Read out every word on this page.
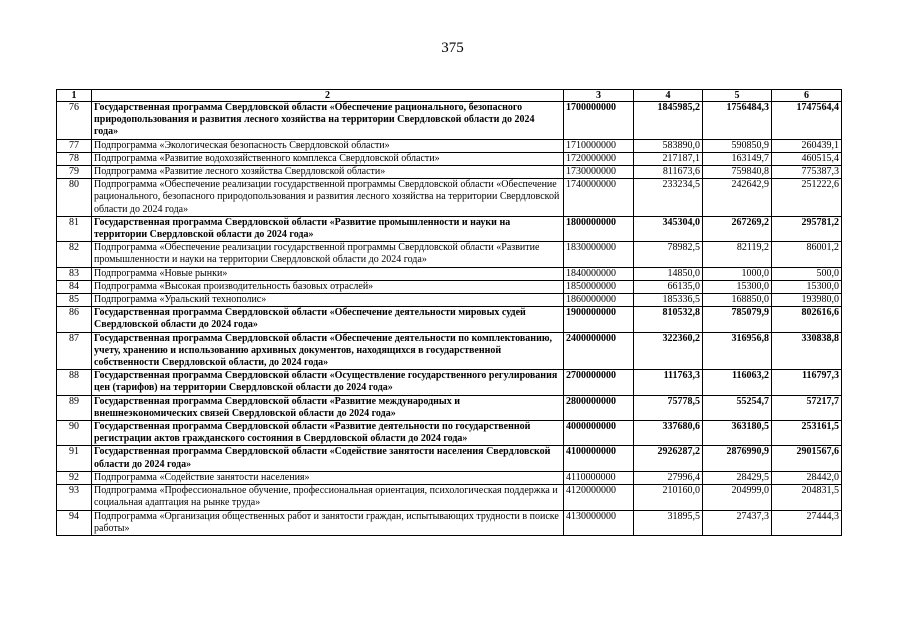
375
1	2	3	4	5	6
76	Государственная программа Свердловской области «Обеспечение рационального, безопасного природопользования и развития лесного хозяйства на территории Свердловской области до 2024 года»	1700000000	1845985,2	1756484,3	1747564,4
77	Подпрограмма «Экологическая безопасность Свердловской области»	1710000000	583890,0	590850,9	260439,1
78	Подпрограмма «Развитие водохозяйственного комплекса Свердловской области»	1720000000	217187,1	163149,7	460515,4
79	Подпрограмма «Развитие лесного хозяйства Свердловской области»	1730000000	811673,6	759840,8	775387,3
80	Подпрограмма «Обеспечение реализации государственной программы Свердловской области «Обеспечение рационального, безопасного природопользования и развития лесного хозяйства на территории Свердловской области до 2024 года»	1740000000	233234,5	242642,9	251222,6
81	Государственная программа Свердловской области «Развитие промышленности и науки на территории Свердловской области до 2024 года»	1800000000	345304,0	267269,2	295781,2
82	Подпрограмма «Обеспечение реализации государственной программы Свердловской области «Развитие промышленности и науки на территории Свердловской области до 2024 года»	1830000000	78982,5	82119,2	86001,2
83	Подпрограмма «Новые рынки»	1840000000	14850,0	1000,0	500,0
84	Подпрограмма «Высокая производительность базовых отраслей»	1850000000	66135,0	15300,0	15300,0
85	Подпрограмма «Уральский технополис»	1860000000	185336,5	168850,0	193980,0
86	Государственная программа Свердловской области «Обеспечение деятельности мировых судей Свердловской области до 2024 года»	1900000000	810532,8	785079,9	802616,6
87	Государственная программа Свердловской области «Обеспечение деятельности по комплектованию, учету, хранению и использованию архивных документов, находящихся в государственной собственности Свердловской области, до 2024 года»	2400000000	322360,2	316956,8	330838,8
88	Государственная программа Свердловской области «Осуществление государственного регулирования цен (тарифов) на территории Свердловской области до 2024 года»	2700000000	111763,3	116063,2	116797,3
89	Государственная программа Свердловской области «Развитие международных и внешнеэкономических связей Свердловской области до 2024 года»	2800000000	75778,5	55254,7	57217,7
90	Государственная программа Свердловской области «Развитие деятельности по государственной регистрации актов гражданского состояния в Свердловской области до 2024 года»	4000000000	337680,6	363180,5	253161,5
91	Государственная программа Свердловской области «Содействие занятости населения Свердловской области до 2024 года»	4100000000	2926287,2	2876990,9	2901567,6
92	Подпрограмма «Содействие занятости населения»	4110000000	27996,4	28429,5	28442,0
93	Подпрограмма «Профессиональное обучение, профессиональная ориентация, психологическая поддержка и социальная адаптация на рынке труда»	4120000000	210160,0	204999,0	204831,5
94	Подпрограмма «Организация общественных работ и занятости граждан, испытывающих трудности в поиске работы»	4130000000	31895,5	27437,3	27444,3
